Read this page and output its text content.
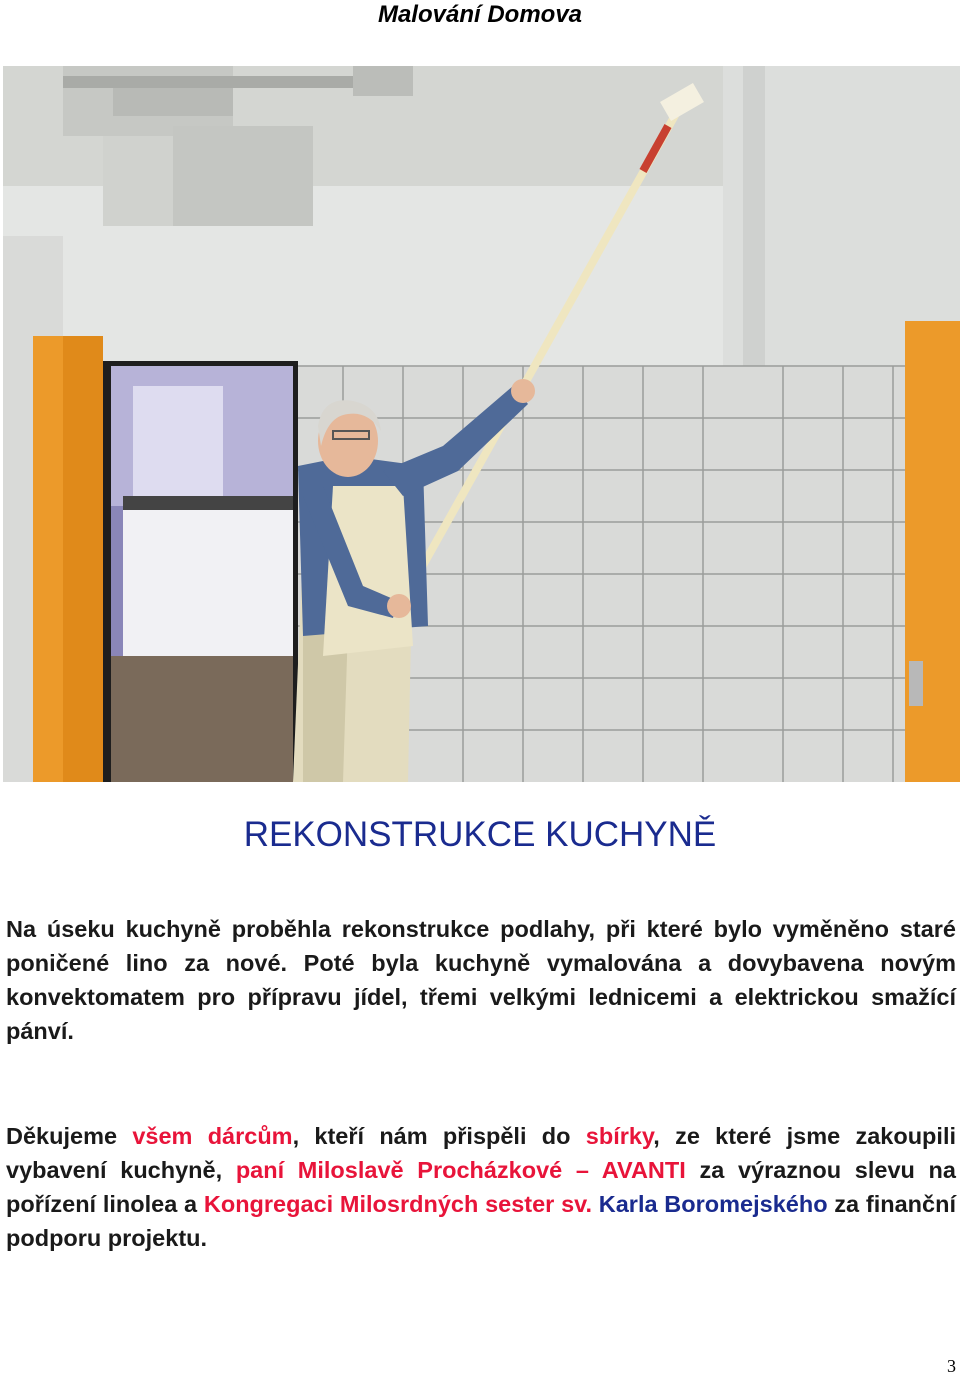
Malování Domova
REKONSTRUKCE KUCHYNĚ
Na úseku kuchyně proběhla rekonstrukce podlahy, při které bylo vyměněno staré poničené lino za nové. Poté byla kuchyně vymalována a dovybavena novým konvektomatem pro přípravu jídel, třemi velkými lednicemi a elektrickou smažící pánví.
Děkujeme všem dárcům, kteří nám přispěli do sbírky, ze které jsme zakoupili vybavení kuchyně, paní Miloslavě Procházkové – AVANTI za výraznou slevu na pořízení linolea a Kongregaci Milosrdných sester sv. Karla Boromejského za finanční podporu projektu.
3
